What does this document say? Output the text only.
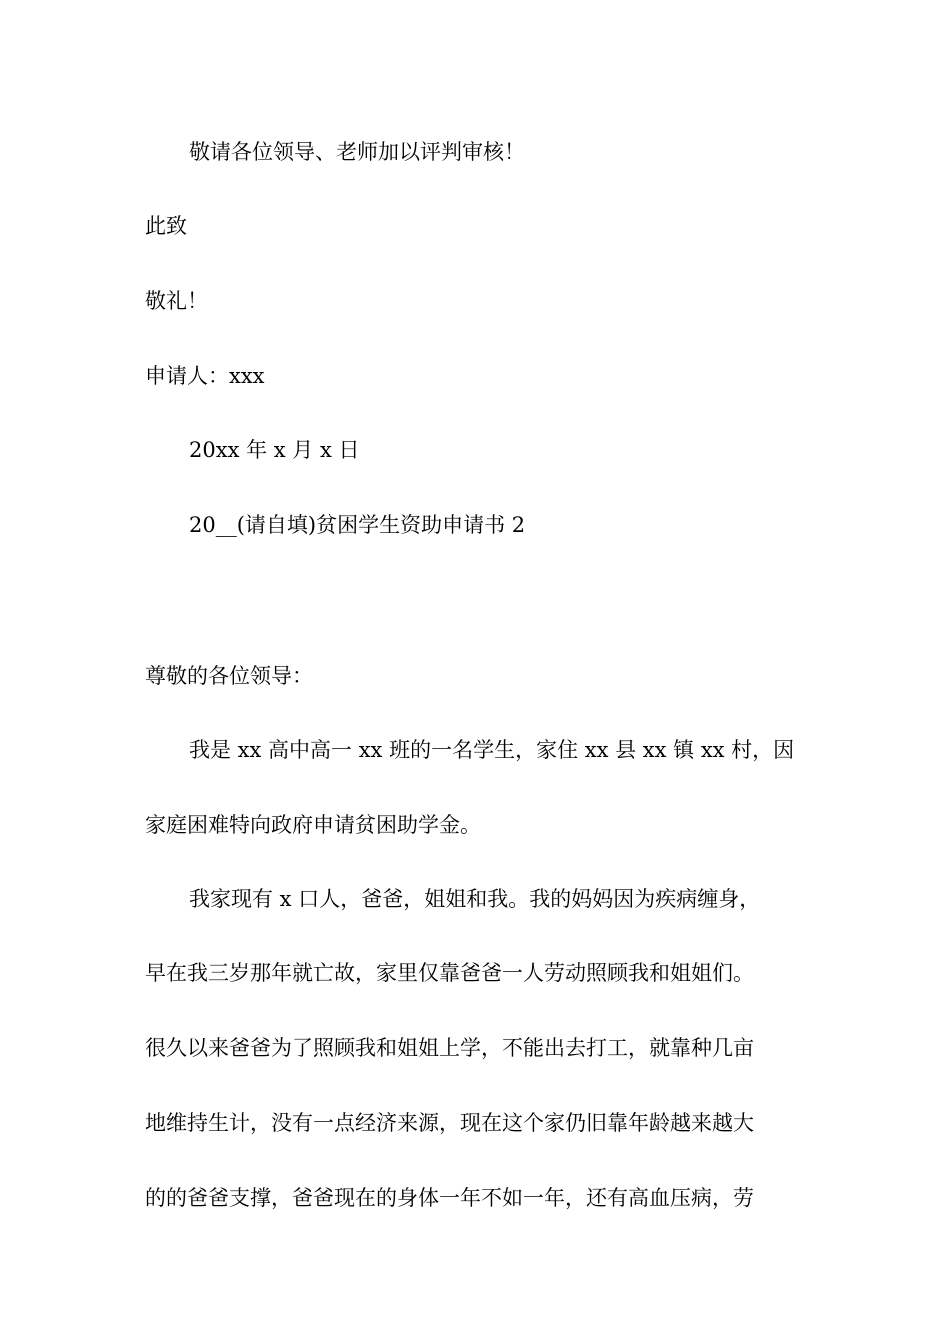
敬请各位领导、老师加以评判审核！
此致
敬礼！
申请人：xxx
20xx 年 x 月 x 日
20__(请自填)贫困学生资助申请书 2
尊敬的各位领导：
我是 xx 高中高一 xx 班的一名学生，家住 xx 县 xx 镇 xx 村，因
家庭困难特向政府申请贫困助学金。
我家现有 x 口人，爸爸，姐姐和我。我的妈妈因为疾病缠身，
早在我三岁那年就亡故，家里仅靠爸爸一人劳动照顾我和姐姐们。
很久以来爸爸为了照顾我和姐姐上学，不能出去打工，就靠种几亩
地维持生计，没有一点经济来源，现在这个家仍旧靠年龄越来越大
的的爸爸支撑，爸爸现在的身体一年不如一年，还有高血压病，劳
